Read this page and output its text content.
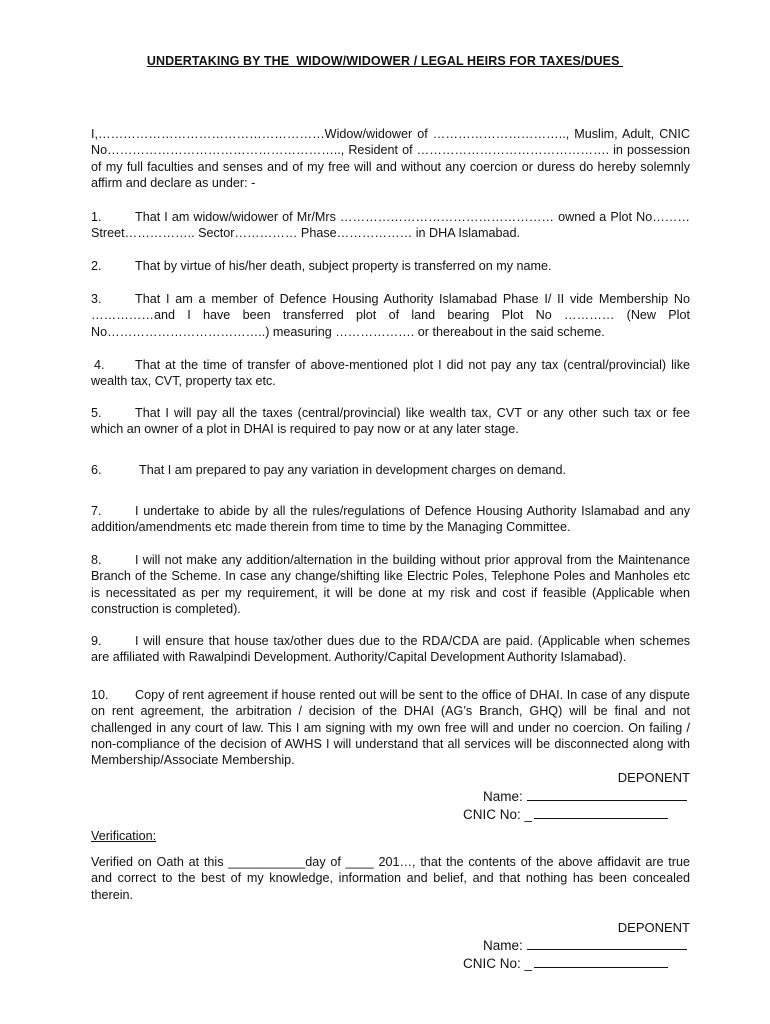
UNDERTAKING BY THE  WIDOW/WIDOWER / LEGAL HEIRS FOR TAXES/DUES

I,………………………………………………Widow/widower of ………………………….., Muslim, Adult, CNIC No……………………………………………….., Resident of ………………………………………. in possession of my full faculties and senses and of my free will and without any coercion or duress do hereby solemnly affirm and declare as under: -

1.	That I am widow/widower of Mr/Mrs …………………………………………… owned a Plot No……… Street…………….. Sector…………… Phase……………… in DHA Islamabad.

2.	That by virtue of his/her death, subject property is transferred on my name.

3.	That I am a member of Defence Housing Authority Islamabad Phase I/ II vide Membership No ……………and I have been transferred plot of land bearing Plot No ………… (New Plot No………………………………..) measuring ………………. or thereabout in the said scheme.

4. That at the time of transfer of above-mentioned plot I did not pay any tax (central/provincial) like wealth tax, CVT, property tax etc.

5.	That I will pay all the taxes (central/provincial) like wealth tax, CVT or any other such tax or fee which an owner of a plot in DHAI is required to pay now or at any later stage.

6.	That I am prepared to pay any variation in development charges on demand.

7.	I undertake to abide by all the rules/regulations of Defence Housing Authority Islamabad and any addition/amendments etc made therein from time to time by the Managing Committee.

8.	I will not make any addition/alternation in the building without prior approval from the Maintenance Branch of the Scheme. In case any change/shifting like Electric Poles, Telephone Poles and Manholes etc is necessitated as per my requirement, it will be done at my risk and cost if feasible (Applicable when construction is completed).

9.	I will ensure that house tax/other dues due to the RDA/CDA are paid. (Applicable when schemes are affiliated with Rawalpindi Development. Authority/Capital Development Authority Islamabad).

10. Copy of rent agreement if house rented out will be sent to the office of DHAI. In case of any dispute on rent agreement, the arbitration / decision of the DHAI (AG’s Branch, GHQ) will be final and not challenged in any court of law. This I am signing with my own free will and under no coercion. On failing / non-compliance of the decision of AWHS I will understand that all services will be disconnected along with Membership/Associate Membership.

DEPONENT
Name:
CNIC No: _
Verification:

Verified on Oath at this ___________day of ____ 201…, that the contents of the above affidavit are true and correct to the best of my knowledge, information and belief, and that nothing has been concealed therein.

DEPONENT
Name:
CNIC No: _
